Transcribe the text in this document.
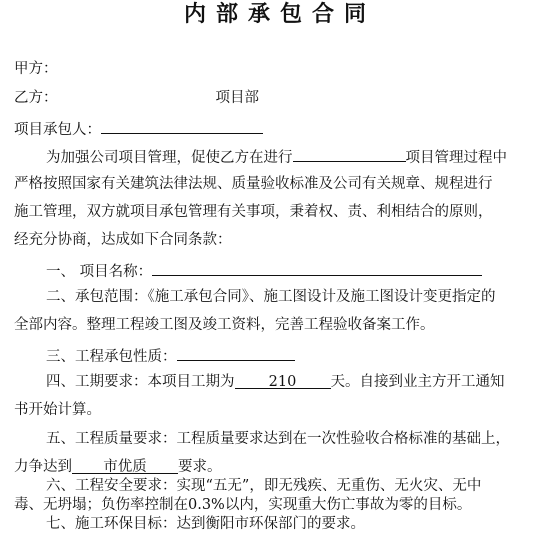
内部承包合同
甲方：
乙方：	项目部
项目承包人：
为加强公司项目管理，促使乙方在进行	项目管理过程中
严格按照国家有关建筑法律法规、质量验收标准及公司有关规章、规程进行
施工管理，双方就项目承包管理有关事项，秉着权、责、利相结合的原则，
经充分协商，达成如下合同条款：
一、 项目名称：
二、承包范围：《施工承包合同》、施工图设计及施工图设计变更指定的
全部内容。整理工程竣工图及竣工资料，完善工程验收备案工作。
三、工程承包性质：
四、工期要求：本项目工期为 210 天。自接到业主方开工通知
书开始计算。
五、工程质量要求：工程质量要求达到在一次性验收合格标准的基础上，
力争达到 市优质 要求。
六、工程安全要求：实现“五无”，即无残疾、无重伤、无火灾、无中
毒、无坍塌；负伤率控制在0.3%以内，实现重大伤亡事故为零的目标。
七、施工环保目标：达到衡阳市环保部门的要求。
